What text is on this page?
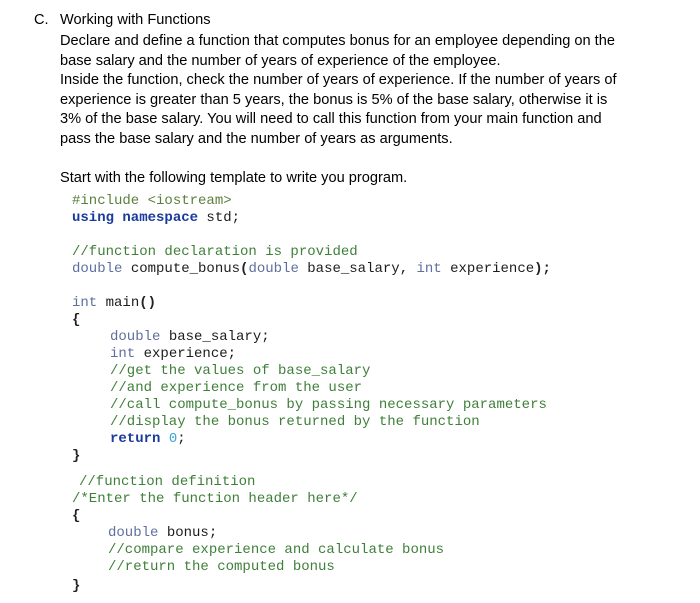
C. Working with Functions

Declare and define a function that computes bonus for an employee depending on the base salary and the number of years of experience of the employee.

Inside the function, check the number of years of experience. If the number of years of experience is greater than 5 years, the bonus is 5% of the base salary, otherwise it is 3% of the base salary. You will need to call this function from your main function and pass the base salary and the number of years as arguments.

Start with the following template to write you program.

#include <iostream>
using namespace std;
//function declaration is provided
double compute_bonus(double base_salary, int experience);
int main()
{
double base_salary;
int experience;
//get the values of base_salary
//and experience from the user
//call compute_bonus by passing necessary parameters
//display the bonus returned by the function
return 0;
}
//function definition
/*Enter the function header here*/
{
double bonus;
//compare experience and calculate bonus
//return the computed bonus
}
